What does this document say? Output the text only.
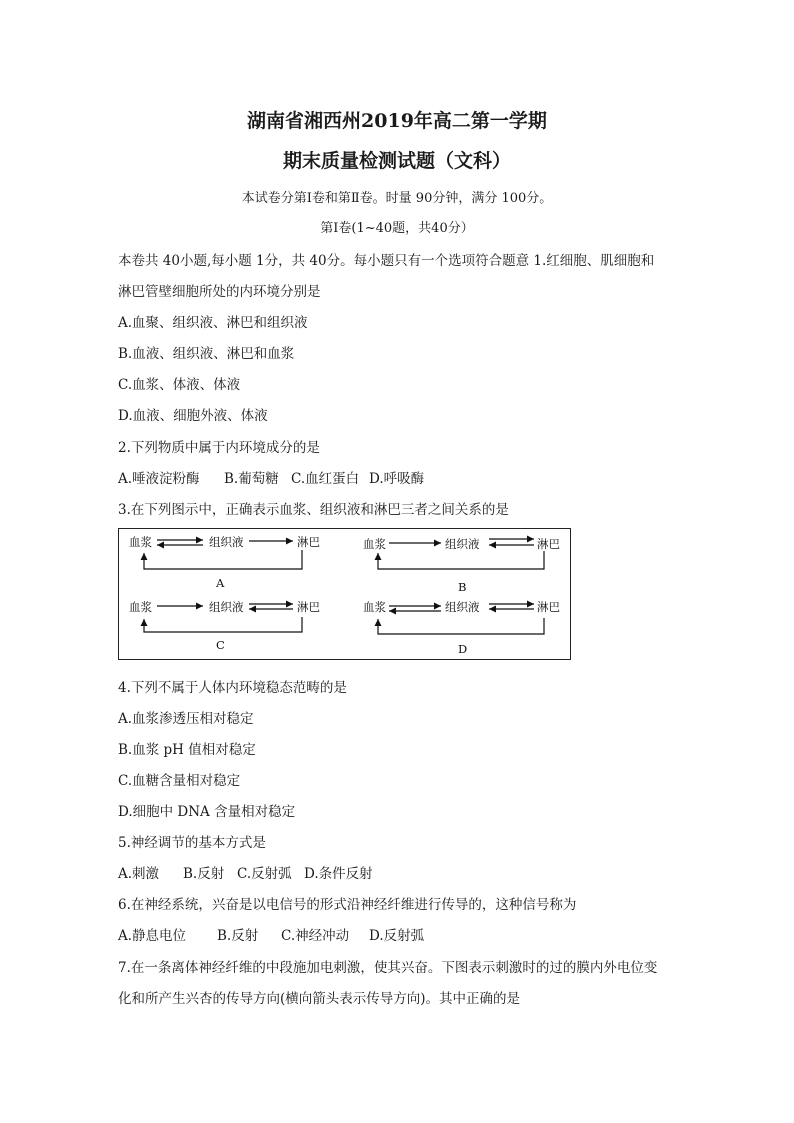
湖南省湘西州2019年高二第一学期
期末质量检测试题（文科）
本试卷分第Ⅰ卷和第Ⅱ卷。时量 90分钟，满分 100分。
第Ⅰ卷(1~40题，共40分）
本卷共 40小题,每小题 1分，共 40分。每小题只有一个选项符合题意 1.红细胞、肌细胞和
淋巴管壁细胞所处的内环境分别是
A.血聚、组织液、淋巴和组织液
B.血液、组织液、淋巴和血浆
C.血浆、体液、体液
D.血液、细胞外液、体液
2.下列物质中属于内环境成分的是
A.唾液淀粉酶 B.葡萄糖 C.血红蛋白 D.呼吸酶
3.在下列图示中，正确表示血浆、组织液和淋巴三者之间关系的是
血浆	组织液	淋巴
A
血浆	组织液	淋巴
B
血浆	组织液	淋巴
C
血浆	组织液	淋巴
D
4.下列不属于人体内环境稳态范畴的是
A.血浆渗透压相对稳定
B.血浆 pH 值相对稳定
C.血糖含量相对稳定
D.细胞中 DNA 含量相对稳定
5.神经调节的基本方式是
A.刺激 B.反射 C.反射弧 D.条件反射
6.在神经系统，兴奋是以电信号的形式沿神经纤维进行传导的，这种信号称为
A.静息电位 B.反射 C.神经冲动 D.反射弧
7.在一条离体神经纤维的中段施加电刺激，使其兴奋。下图表示刺激时的过的膜内外电位变
化和所产生兴杏的传导方向(横向箭头表示传导方向)。其中正确的是
